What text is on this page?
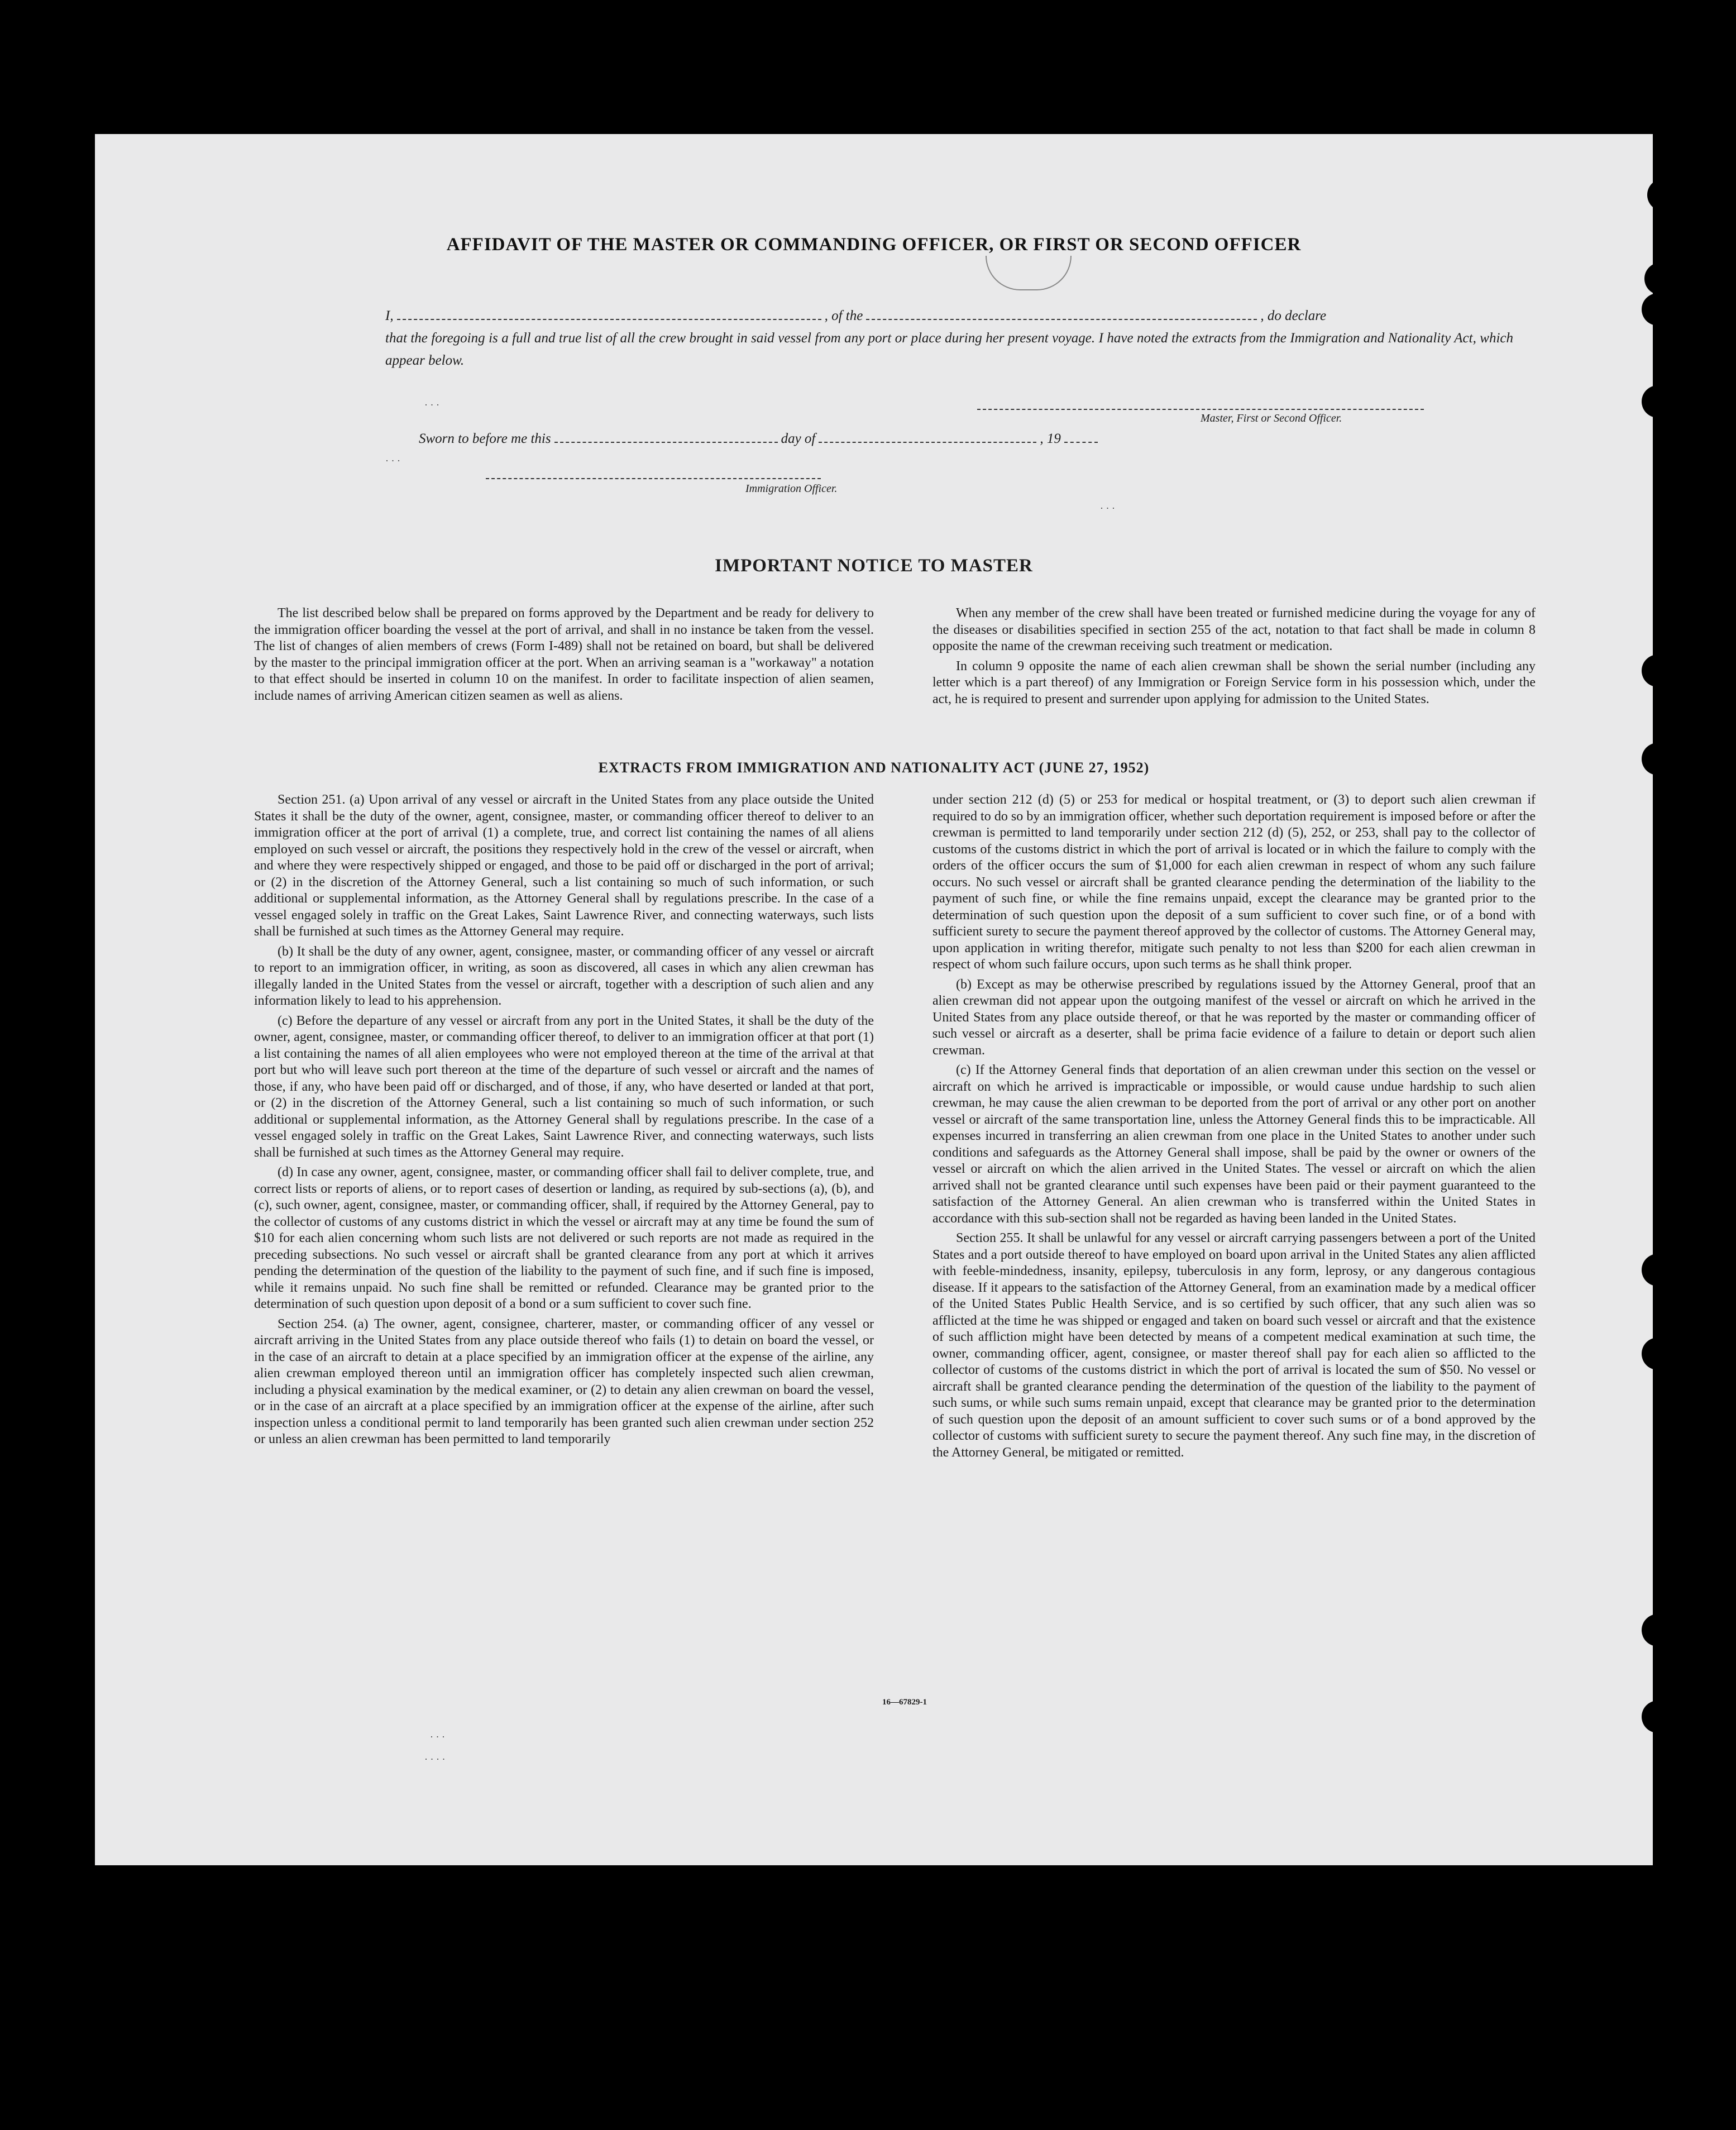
AFFIDAVIT OF THE MASTER OR COMMANDING OFFICER, OR FIRST OR SECOND OFFICER
I,	, of the	, do declare
that the foregoing is a full and true list of all the crew brought in said vessel from any port or place during her present voyage. I have noted the extracts from the Immigration and Nationality Act, which appear below.
Master, First or Second Officer.
Sworn to before me this	day of	, 19
Immigration Officer.
IMPORTANT NOTICE TO MASTER

The list described below shall be prepared on forms approved by the Department and be ready for delivery to the immigration officer boarding the vessel at the port of arrival, and shall in no instance be taken from the vessel. The list of changes of alien members of crews (Form I-489) shall not be retained on board, but shall be delivered by the master to the principal immigration officer at the port. When an arriving seaman is a "workaway" a notation to that effect should be inserted in column 10 on the manifest. In order to facilitate inspection of alien seamen, include names of arriving American citizen seamen as well as aliens.

When any member of the crew shall have been treated or furnished medicine during the voyage for any of the diseases or disabilities specified in section 255 of the act, notation to that fact shall be made in column 8 opposite the name of the crewman receiving such treatment or medication.

In column 9 opposite the name of each alien crewman shall be shown the serial number (including any letter which is a part thereof) of any Immigration or Foreign Service form in his possession which, under the act, he is required to present and surrender upon applying for admission to the United States.

EXTRACTS FROM IMMIGRATION AND NATIONALITY ACT (JUNE 27, 1952)

Section 251. (a) Upon arrival of any vessel or aircraft in the United States from any place outside the United States it shall be the duty of the owner, agent, consignee, master, or commanding officer thereof to deliver to an immigration officer at the port of arrival (1) a complete, true, and correct list containing the names of all aliens employed on such vessel or aircraft, the positions they respectively hold in the crew of the vessel or aircraft, when and where they were respectively shipped or engaged, and those to be paid off or discharged in the port of arrival; or (2) in the discretion of the Attorney General, such a list containing so much of such information, or such additional or supplemental information, as the Attorney General shall by regulations prescribe. In the case of a vessel engaged solely in traffic on the Great Lakes, Saint Lawrence River, and connecting waterways, such lists shall be furnished at such times as the Attorney General may require.

(b) It shall be the duty of any owner, agent, consignee, master, or commanding officer of any vessel or aircraft to report to an immigration officer, in writing, as soon as discovered, all cases in which any alien crewman has illegally landed in the United States from the vessel or aircraft, together with a description of such alien and any information likely to lead to his apprehension.

(c) Before the departure of any vessel or aircraft from any port in the United States, it shall be the duty of the owner, agent, consignee, master, or commanding officer thereof, to deliver to an immigration officer at that port (1) a list containing the names of all alien employees who were not employed thereon at the time of the arrival at that port but who will leave such port thereon at the time of the departure of such vessel or aircraft and the names of those, if any, who have been paid off or discharged, and of those, if any, who have deserted or landed at that port, or (2) in the discretion of the Attorney General, such a list containing so much of such information, or such additional or supplemental information, as the Attorney General shall by regulations prescribe. In the case of a vessel engaged solely in traffic on the Great Lakes, Saint Lawrence River, and connecting waterways, such lists shall be furnished at such times as the Attorney General may require.

(d) In case any owner, agent, consignee, master, or commanding officer shall fail to deliver complete, true, and correct lists or reports of aliens, or to report cases of desertion or landing, as required by sub-sections (a), (b), and (c), such owner, agent, consignee, master, or commanding officer, shall, if required by the Attorney General, pay to the collector of customs of any customs district in which the vessel or aircraft may at any time be found the sum of $10 for each alien concerning whom such lists are not delivered or such reports are not made as required in the preceding subsections. No such vessel or aircraft shall be granted clearance from any port at which it arrives pending the determination of the question of the liability to the payment of such fine, and if such fine is imposed, while it remains unpaid. No such fine shall be remitted or refunded. Clearance may be granted prior to the determination of such question upon deposit of a bond or a sum sufficient to cover such fine.

Section 254. (a) The owner, agent, consignee, charterer, master, or commanding officer of any vessel or aircraft arriving in the United States from any place outside thereof who fails (1) to detain on board the vessel, or in the case of an aircraft to detain at a place specified by an immigration officer at the expense of the airline, any alien crewman employed thereon until an immigration officer has completely inspected such alien crewman, including a physical examination by the medical examiner, or (2) to detain any alien crewman on board the vessel, or in the case of an aircraft at a place specified by an immigration officer at the expense of the airline, after such inspection unless a conditional permit to land temporarily has been granted such alien crewman under section 252 or unless an alien crewman has been permitted to land temporarily

under section 212 (d) (5) or 253 for medical or hospital treatment, or (3) to deport such alien crewman if required to do so by an immigration officer, whether such deportation requirement is imposed before or after the crewman is permitted to land temporarily under section 212 (d) (5), 252, or 253, shall pay to the collector of customs of the customs district in which the port of arrival is located or in which the failure to comply with the orders of the officer occurs the sum of $1,000 for each alien crewman in respect of whom any such failure occurs. No such vessel or aircraft shall be granted clearance pending the determination of the liability to the payment of such fine, or while the fine remains unpaid, except the clearance may be granted prior to the determination of such question upon the deposit of a sum sufficient to cover such fine, or of a bond with sufficient surety to secure the payment thereof approved by the collector of customs. The Attorney General may, upon application in writing therefor, mitigate such penalty to not less than $200 for each alien crewman in respect of whom such failure occurs, upon such terms as he shall think proper.

(b) Except as may be otherwise prescribed by regulations issued by the Attorney General, proof that an alien crewman did not appear upon the outgoing manifest of the vessel or aircraft on which he arrived in the United States from any place outside thereof, or that he was reported by the master or commanding officer of such vessel or aircraft as a deserter, shall be prima facie evidence of a failure to detain or deport such alien crewman.

(c) If the Attorney General finds that deportation of an alien crewman under this section on the vessel or aircraft on which he arrived is impracticable or impossible, or would cause undue hardship to such alien crewman, he may cause the alien crewman to be deported from the port of arrival or any other port on another vessel or aircraft of the same transportation line, unless the Attorney General finds this to be impracticable. All expenses incurred in transferring an alien crewman from one place in the United States to another under such conditions and safeguards as the Attorney General shall impose, shall be paid by the owner or owners of the vessel or aircraft on which the alien arrived in the United States. The vessel or aircraft on which the alien arrived shall not be granted clearance until such expenses have been paid or their payment guaranteed to the satisfaction of the Attorney General. An alien crewman who is transferred within the United States in accordance with this sub-section shall not be regarded as having been landed in the United States.

Section 255. It shall be unlawful for any vessel or aircraft carrying passengers between a port of the United States and a port outside thereof to have employed on board upon arrival in the United States any alien afflicted with feeble-mindedness, insanity, epilepsy, tuberculosis in any form, leprosy, or any dangerous contagious disease. If it appears to the satisfaction of the Attorney General, from an examination made by a medical officer of the United States Public Health Service, and is so certified by such officer, that any such alien was so afflicted at the time he was shipped or engaged and taken on board such vessel or aircraft and that the existence of such affliction might have been detected by means of a competent medical examination at such time, the owner, commanding officer, agent, consignee, or master thereof shall pay for each alien so afflicted to the collector of customs of the customs district in which the port of arrival is located the sum of $50. No vessel or aircraft shall be granted clearance pending the determination of the question of the liability to the payment of such sums, or while such sums remain unpaid, except that clearance may be granted prior to the determination of such question upon the deposit of an amount sufficient to cover such sums or of a bond approved by the collector of customs with sufficient surety to secure the payment thereof. Any such fine may, in the discretion of the Attorney General, be mitigated or remitted.

16—67829-1
· · ·
· · ·
· · ·
· · ·
· · · ·
